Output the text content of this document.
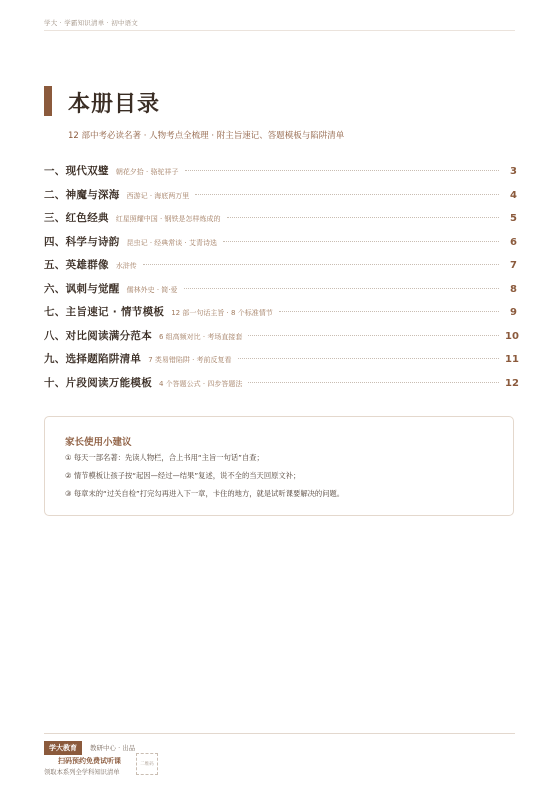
学大 · 学霸知识清单 · 初中语文
本册目录
12 部中考必读名著 · 人物考点全梳理 · 附主旨速记、答题模板与陷阱清单
一、现代双璧 朝花夕拾 · 骆驼祥子	3
二、神魔与深海 西游记 · 海底两万里	4
三、红色经典 红星照耀中国 · 钢铁是怎样炼成的	5
四、科学与诗韵 昆虫记 · 经典常谈 · 艾青诗选	6
五、英雄群像 水浒传	7
六、讽刺与觉醒 儒林外史 · 简·爱	8
七、主旨速记 · 情节模板 12 部一句话主旨 · 8 个标准情节	9
八、对比阅读满分范本 6 组高频对比 · 考场直接套	10
九、选择题陷阱清单 7 类易错陷阱 · 考前反复看	11
十、片段阅读万能模板 4 个答题公式 · 四步答题法	12
家长使用小建议
① 每天一部名著：先读人物栏，合上书用“主旨一句话”自查；
② 情节模板让孩子按“起因—经过—结果”复述，说不全的当天回原文补；
③ 每章末的“过关自检”打完勾再进入下一章，卡住的地方，就是试听课要解决的问题。
学大教育	教研中心 · 出品
扫码预约免费试听课
领取本系列全学科知识清单
二维码
